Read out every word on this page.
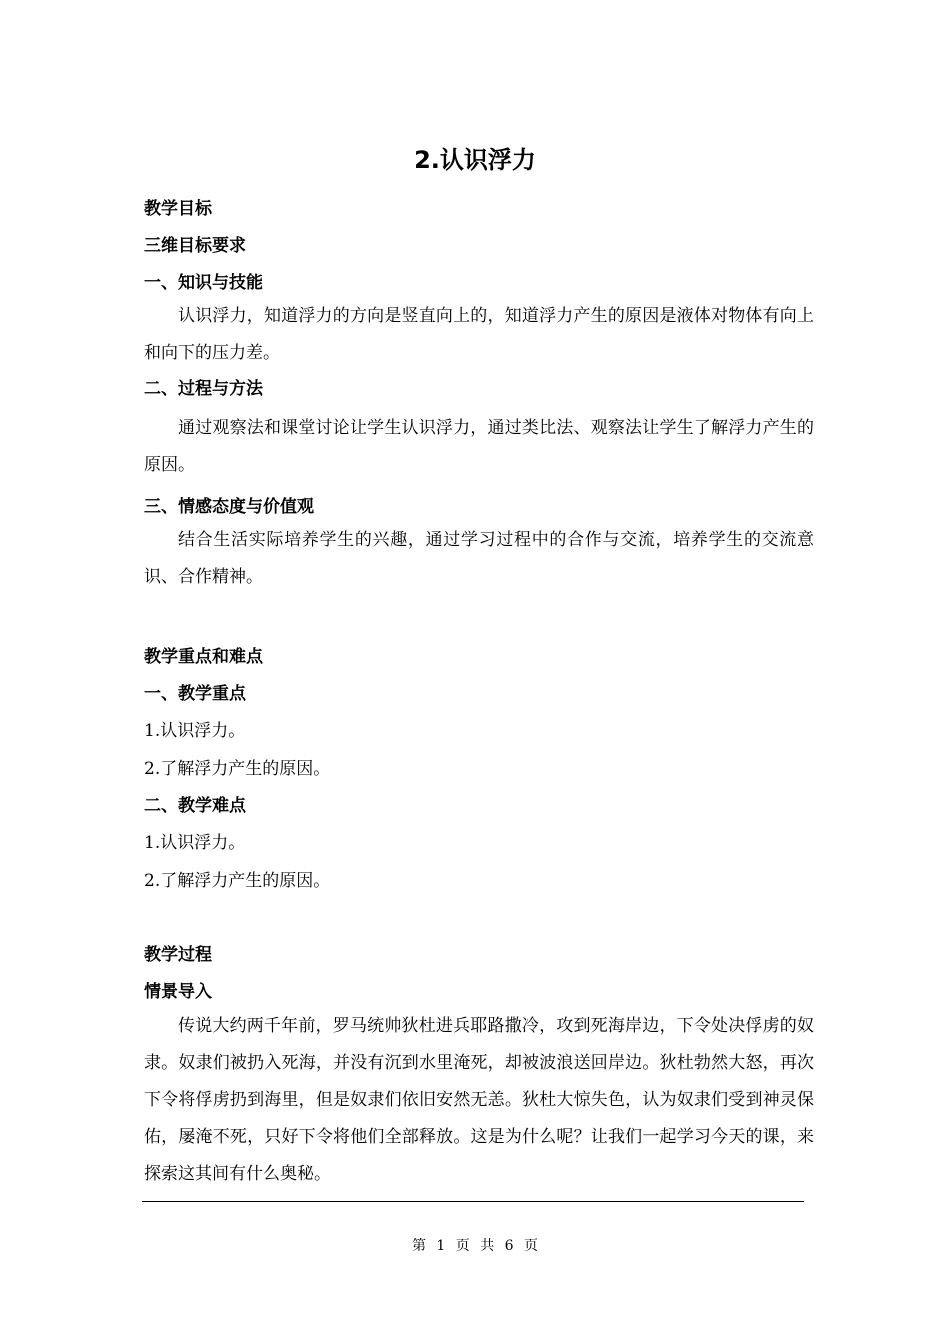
2.认识浮力
教学目标
三维目标要求
一、知识与技能
认识浮力，知道浮力的方向是竖直向上的，知道浮力产生的原因是液体对物体有向上和向下的压力差。
二、过程与方法
通过观察法和课堂讨论让学生认识浮力，通过类比法、观察法让学生了解浮力产生的原因。
三、情感态度与价值观
结合生活实际培养学生的兴趣，通过学习过程中的合作与交流，培养学生的交流意识、合作精神。
教学重点和难点
一、教学重点
1.认识浮力。
2.了解浮力产生的原因。
二、教学难点
1.认识浮力。
2.了解浮力产生的原因。
教学过程
情景导入
传说大约两千年前，罗马统帅狄杜进兵耶路撒冷，攻到死海岸边，下令处决俘虏的奴隶。奴隶们被扔入死海，并没有沉到水里淹死，却被波浪送回岸边。狄杜勃然大怒，再次下令将俘虏扔到海里，但是奴隶们依旧安然无恙。狄杜大惊失色，认为奴隶们受到神灵保佑，屡淹不死，只好下令将他们全部释放。这是为什么呢？让我们一起学习今天的课，来探索这其间有什么奥秘。
第 1 页 共 6 页
